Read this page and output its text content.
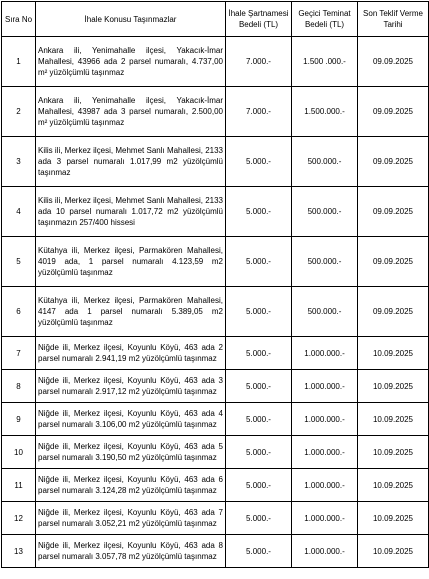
Sıra No	İhale Konusu Taşınmazlar	İhale Şartnamesi Bedeli (TL)	Geçici Teminat Bedeli (TL)	Son Teklif Verme Tarihi
1	Ankara ili, Yenimahalle ilçesi, Yakacık-İmar Mahallesi, 43966 ada 2 parsel numaralı, 4.737,00 m² yüzölçümlü taşınmaz	7.000.-	1.500 .000.-	09.09.2025
2	Ankara ili, Yenimahalle ilçesi, Yakacık-İmar Mahallesi, 43987 ada 3 parsel numaralı, 2.500,00 m² yüzölçümlü taşınmaz	7.000.-	1.500.000.-	09.09.2025
3	Kilis ili, Merkez ilçesi, Mehmet Sanlı Mahallesi, 2133 ada 3 parsel numaralı 1.017,99 m2 yüzölçümlü taşınmaz	5.000.-	500.000.-	09.09.2025
4	Kilis ili, Merkez ilçesi, Mehmet Sanlı Mahallesi, 2133 ada 10 parsel numaralı 1.017,72 m2 yüzölçümlü taşınmazın 257/400 hissesi	5.000.-	500.000.-	09.09.2025
5	Kütahya ili, Merkez ilçesi, Parmakören Mahallesi, 4019 ada, 1 parsel numaralı 4.123,59 m2 yüzölçümlü taşınmaz	5.000.-	500.000.-	09.09.2025
6	Kütahya ili, Merkez ilçesi, Parmakören Mahallesi, 4147 ada 1 parsel numaralı 5.389,05 m2 yüzölçümlü taşınmaz	5.000.-	500.000.-	09.09.2025
7	Niğde ili, Merkez ilçesi, Koyunlu Köyü, 463 ada 2 parsel numaralı 2.941,19 m2 yüzölçümlü taşınmaz	5.000.-	1.000.000.-	10.09.2025
8	Niğde ili, Merkez ilçesi, Koyunlu Köyü, 463 ada 3 parsel numaralı 2.917,12 m2 yüzölçümlü taşınmaz	5.000.-	1.000.000.-	10.09.2025
9	Niğde ili, Merkez ilçesi, Koyunlu Köyü, 463 ada 4 parsel numaralı 3.106,00 m2 yüzölçümlü taşınmaz	5.000.-	1.000.000.-	10.09.2025
10	Niğde ili, Merkez ilçesi, Koyunlu Köyü, 463 ada 5 parsel numaralı 3.190,50 m2 yüzölçümlü taşınmaz	5.000.-	1.000.000.-	10.09.2025
11	Niğde ili, Merkez ilçesi, Koyunlu Köyü, 463 ada 6 parsel numaralı 3.124,28 m2 yüzölçümlü taşınmaz	5.000.-	1.000.000.-	10.09.2025
12	Niğde ili, Merkez ilçesi, Koyunlu Köyü, 463 ada 7 parsel numaralı 3.052,21 m2 yüzölçümlü taşınmaz	5.000.-	1.000.000.-	10.09.2025
13	Niğde ili, Merkez ilçesi, Koyunlu Köyü, 463 ada 8 parsel numaralı 3.057,78 m2 yüzölçümlü taşınmaz	5.000.-	1.000.000.-	10.09.2025
